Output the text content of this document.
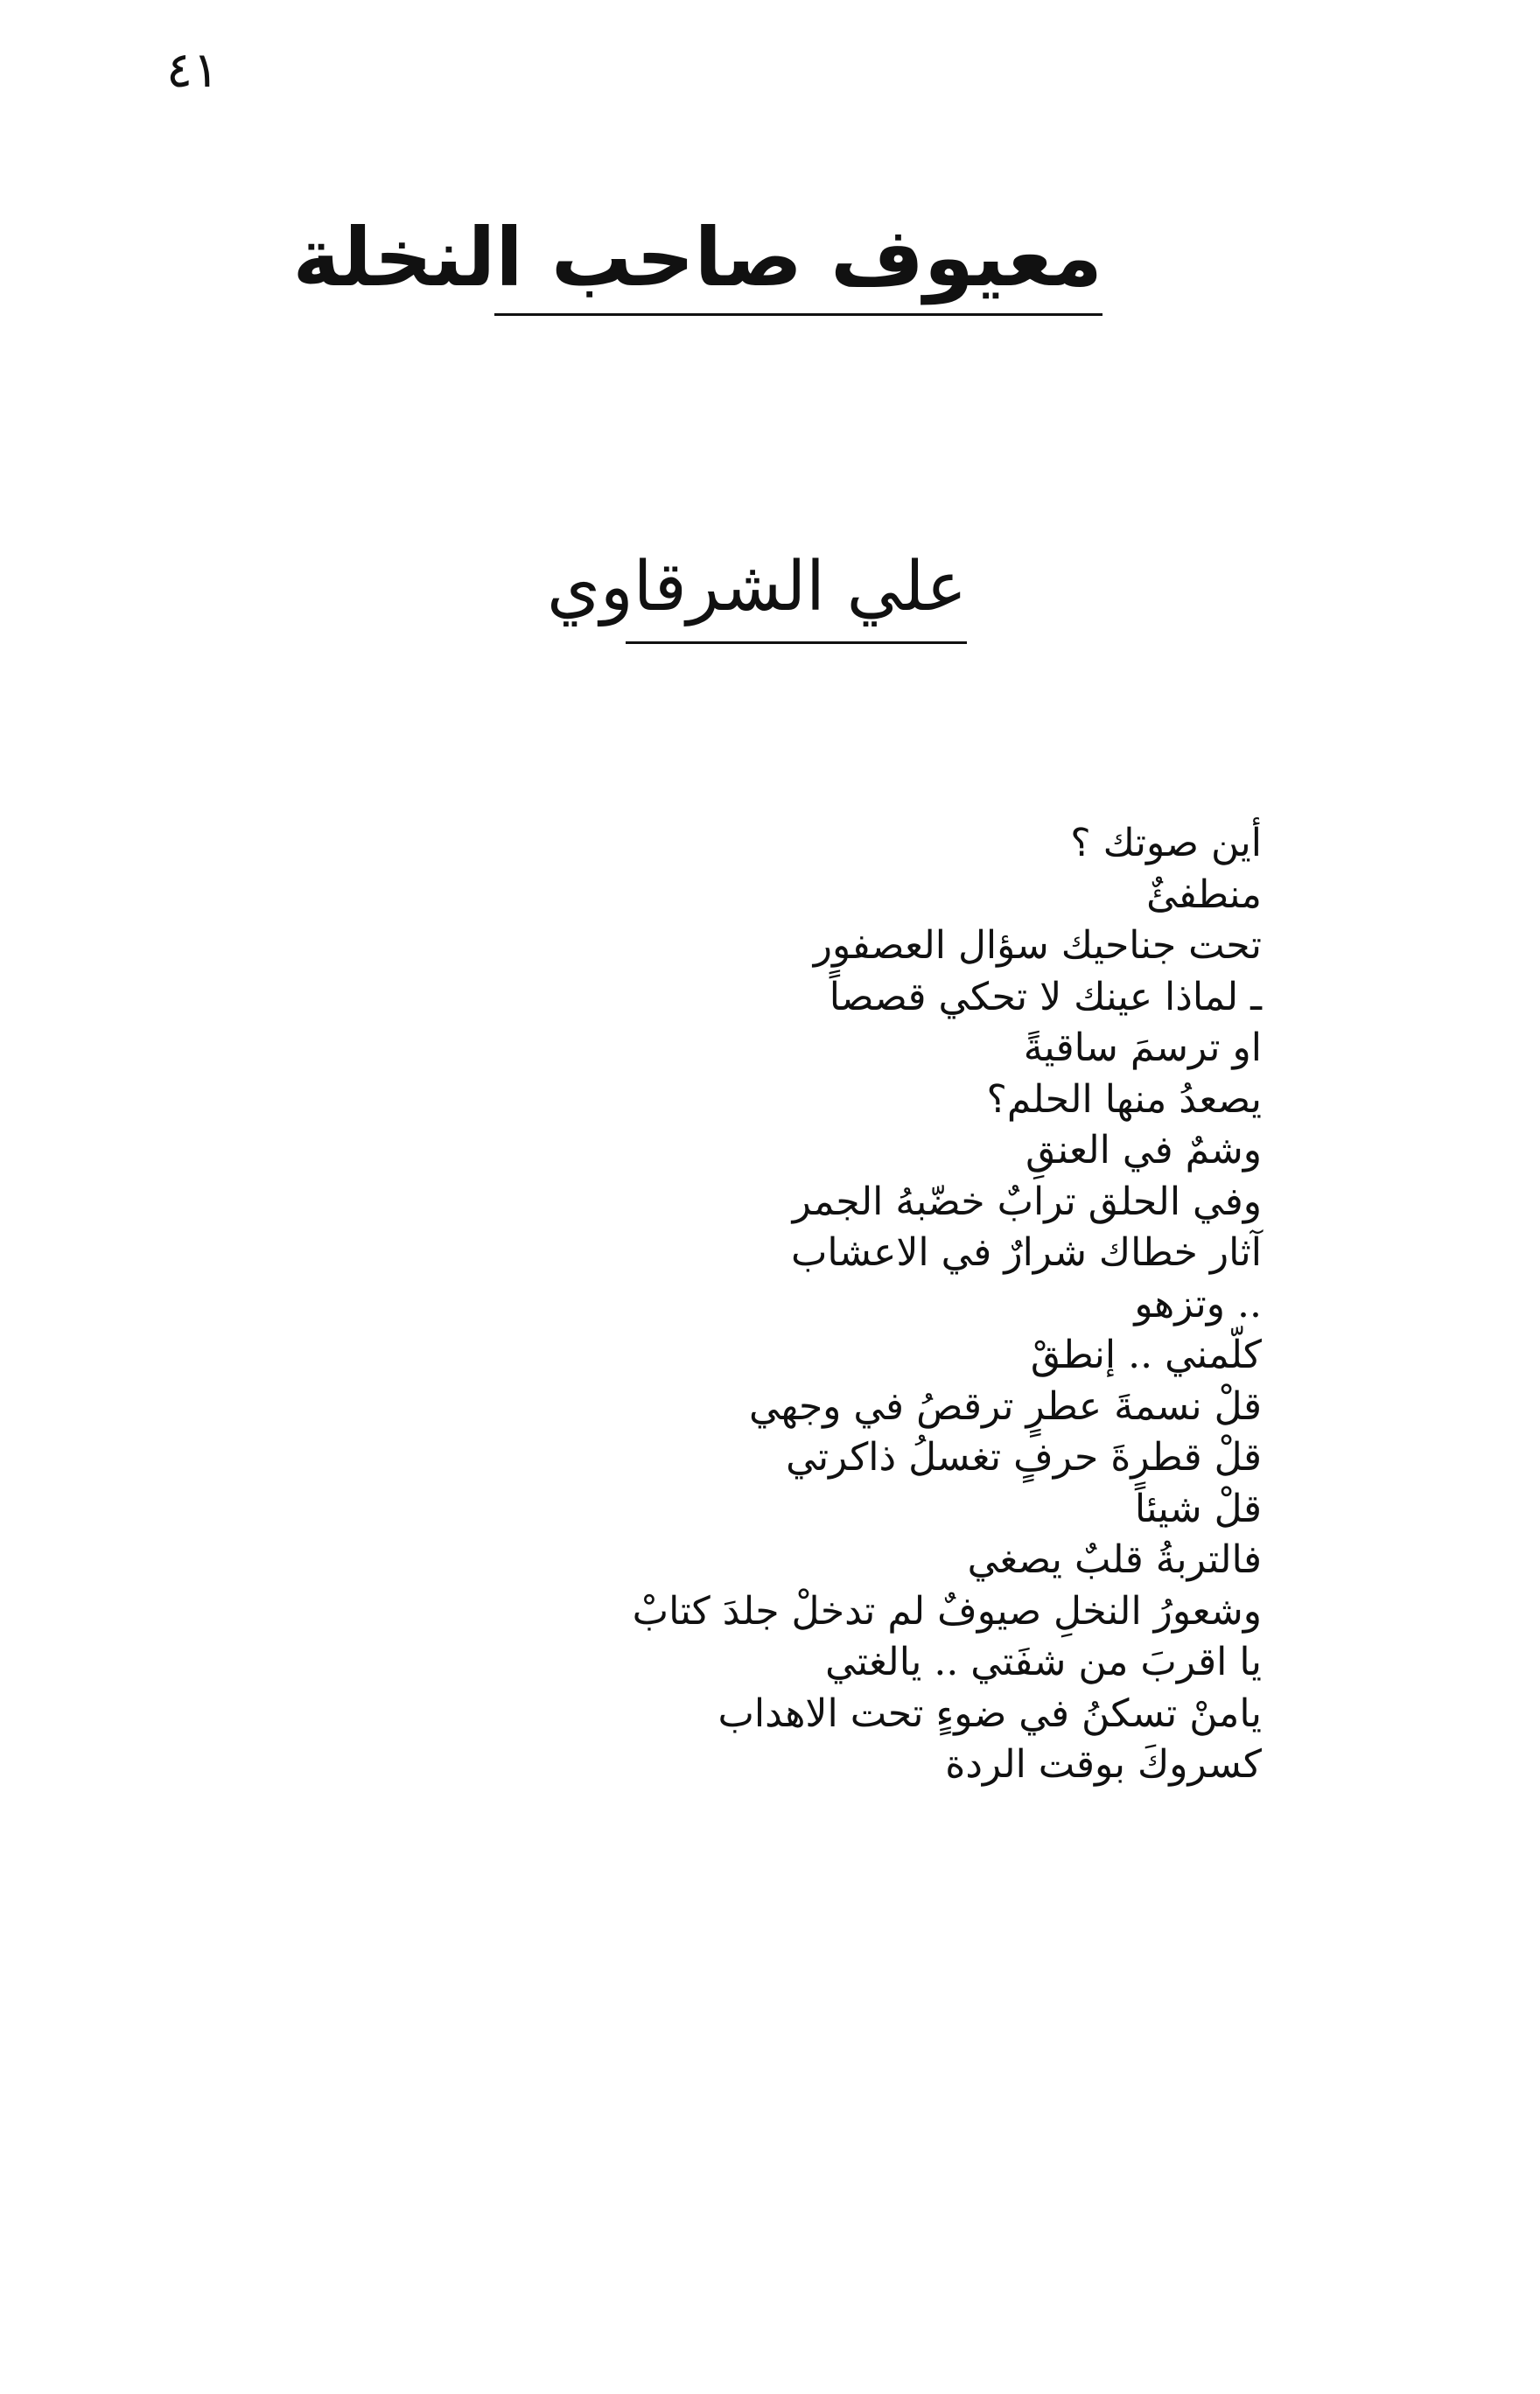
٤١
معيوف صاحب النخلة
علي الشرقاوي
أين صوتك ؟
منطفئٌ
تحت جناحيك سؤال العصفور
ـ لماذا عينك لا تحكي قصصاً
او ترسمَ ساقيةً
يصعدُ منها الحلم؟
وشمٌ في العنقِ
وفي الحلق ترابٌ خضّبهُ الجمر
آثار خطاك شرارٌ في الاعشاب
.. وتزهو
كلّمني .. إنطقْ
قلْ نسمةَ عطرٍ ترقصُ في وجهي
قلْ قطرةَ حرفٍ تغسلُ ذاكرتي
قلْ شيئاً
فالتربةُ قلبٌ يصغي
وشعورُ النخلِ صيوفٌ لم تدخلْ جلدَ كتابْ
يا اقربَ من شفَتي .. يالغتي
يامنْ تسكنُ في ضوءٍ تحت الاهداب
كسروكَ بوقت الردة
